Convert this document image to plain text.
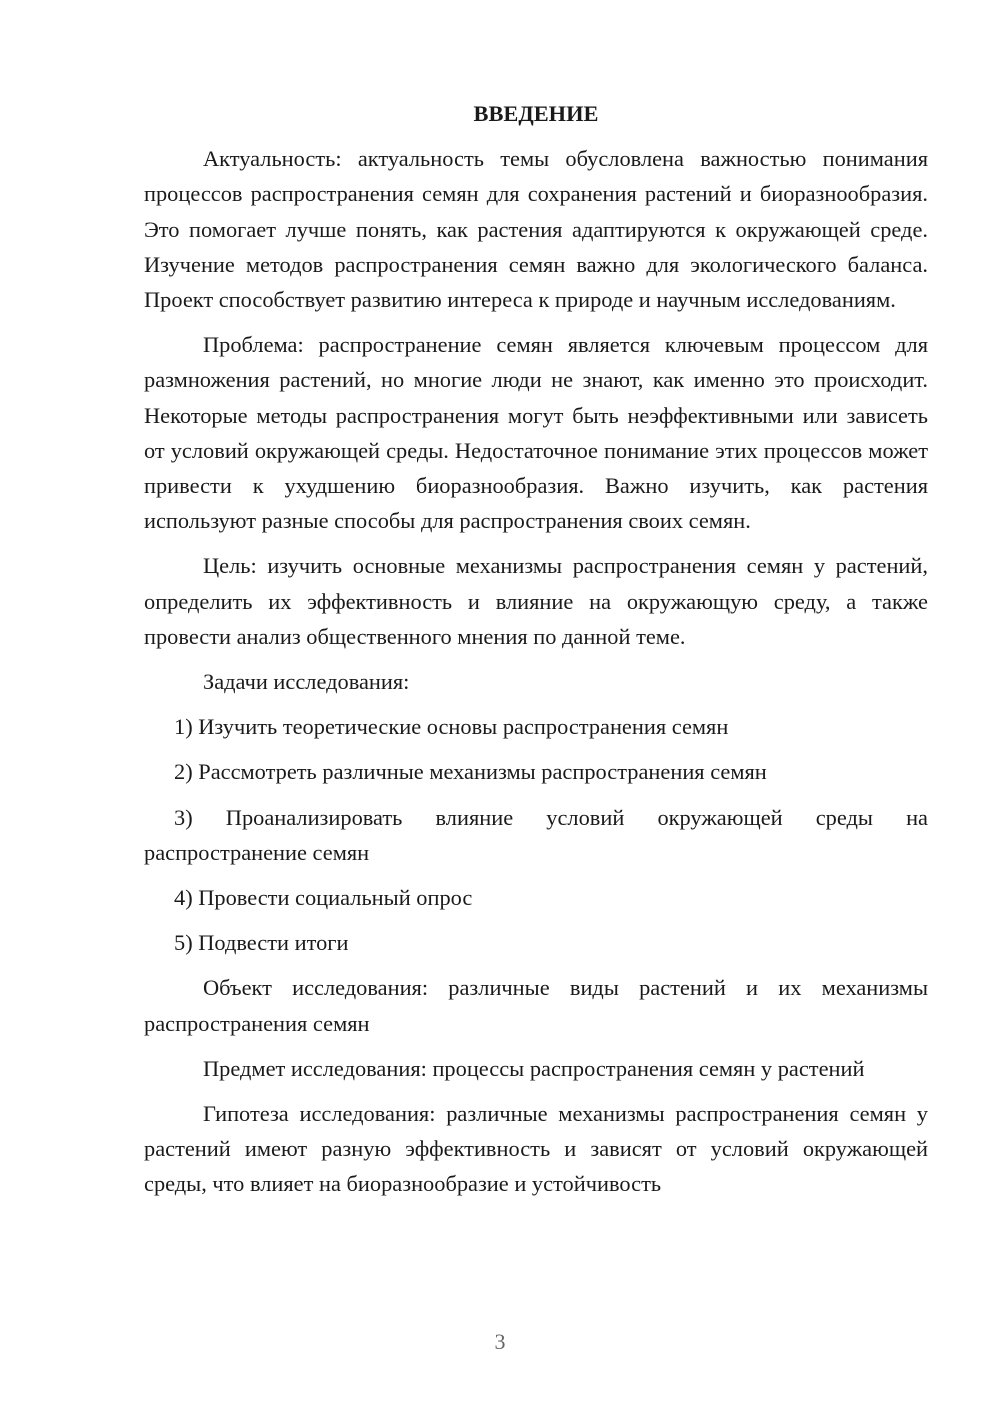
ВВЕДЕНИЕ

Актуальность: актуальность темы обусловлена важностью понимания процессов распространения семян для сохранения растений и биоразнообразия. Это помогает лучше понять, как растения адаптируются к окружающей среде. Изучение методов распространения семян важно для экологического баланса. Проект способствует развитию интереса к природе и научным исследованиям.

Проблема: распространение семян является ключевым процессом для размножения растений, но многие люди не знают, как именно это происходит. Некоторые методы распространения могут быть неэффективными или зависеть от условий окружающей среды. Недостаточное понимание этих процессов может привести к ухудшению биоразнообразия. Важно изучить, как растения используют разные способы для распространения своих семян.

Цель: изучить основные механизмы распространения семян у растений, определить их эффективность и влияние на окружающую среду, а также провести анализ общественного мнения по данной теме.

Задачи исследования:

1) Изучить теоретические основы распространения семян

2) Рассмотреть различные механизмы распространения семян

3) Проанализировать влияние условий окружающей среды на распространение семян

4) Провести социальный опрос

5) Подвести итоги

Объект исследования: различные виды растений и их механизмы распространения семян

Предмет исследования: процессы распространения семян у растений

Гипотеза исследования: различные механизмы распространения семян у растений имеют разную эффективность и зависят от условий окружающей среды, что влияет на биоразнообразие и устойчивость

3
